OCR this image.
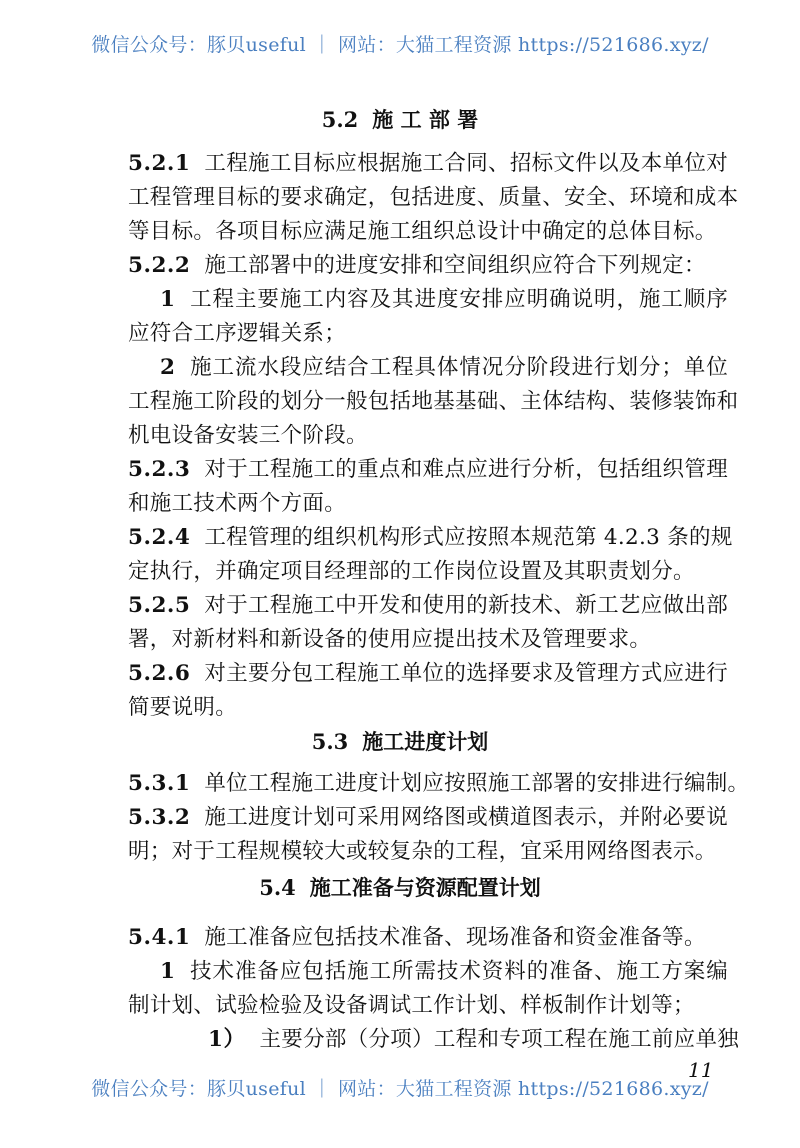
微信公众号：豚贝useful ｜ 网站：大猫工程资源 https://521686.xyz/
5.2 施 工 部 署
5.2.1 工程施工目标应根据施工合同、招标文件以及本单位对
工程管理目标的要求确定，包括进度、质量、安全、环境和成本
等目标。各项目标应满足施工组织总设计中确定的总体目标。
5.2.2 施工部署中的进度安排和空间组织应符合下列规定：
1 工程主要施工内容及其进度安排应明确说明，施工顺序
应符合工序逻辑关系；
2 施工流水段应结合工程具体情况分阶段进行划分；单位
工程施工阶段的划分一般包括地基基础、主体结构、装修装饰和
机电设备安装三个阶段。
5.2.3 对于工程施工的重点和难点应进行分析，包括组织管理
和施工技术两个方面。
5.2.4 工程管理的组织机构形式应按照本规范第 4.2.3 条的规
定执行，并确定项目经理部的工作岗位设置及其职责划分。
5.2.5 对于工程施工中开发和使用的新技术、新工艺应做出部
署，对新材料和新设备的使用应提出技术及管理要求。
5.2.6 对主要分包工程施工单位的选择要求及管理方式应进行
简要说明。
5.3 施工进度计划
5.3.1 单位工程施工进度计划应按照施工部署的安排进行编制。
5.3.2 施工进度计划可采用网络图或横道图表示，并附必要说
明；对于工程规模较大或较复杂的工程，宜采用网络图表示。
5.4 施工准备与资源配置计划
5.4.1 施工准备应包括技术准备、现场准备和资金准备等。
1 技术准备应包括施工所需技术资料的准备、施工方案编
制计划、试验检验及设备调试工作计划、样板制作计划等；
1） 主要分部（分项）工程和专项工程在施工前应单独
11
微信公众号：豚贝useful ｜ 网站：大猫工程资源 https://521686.xyz/
